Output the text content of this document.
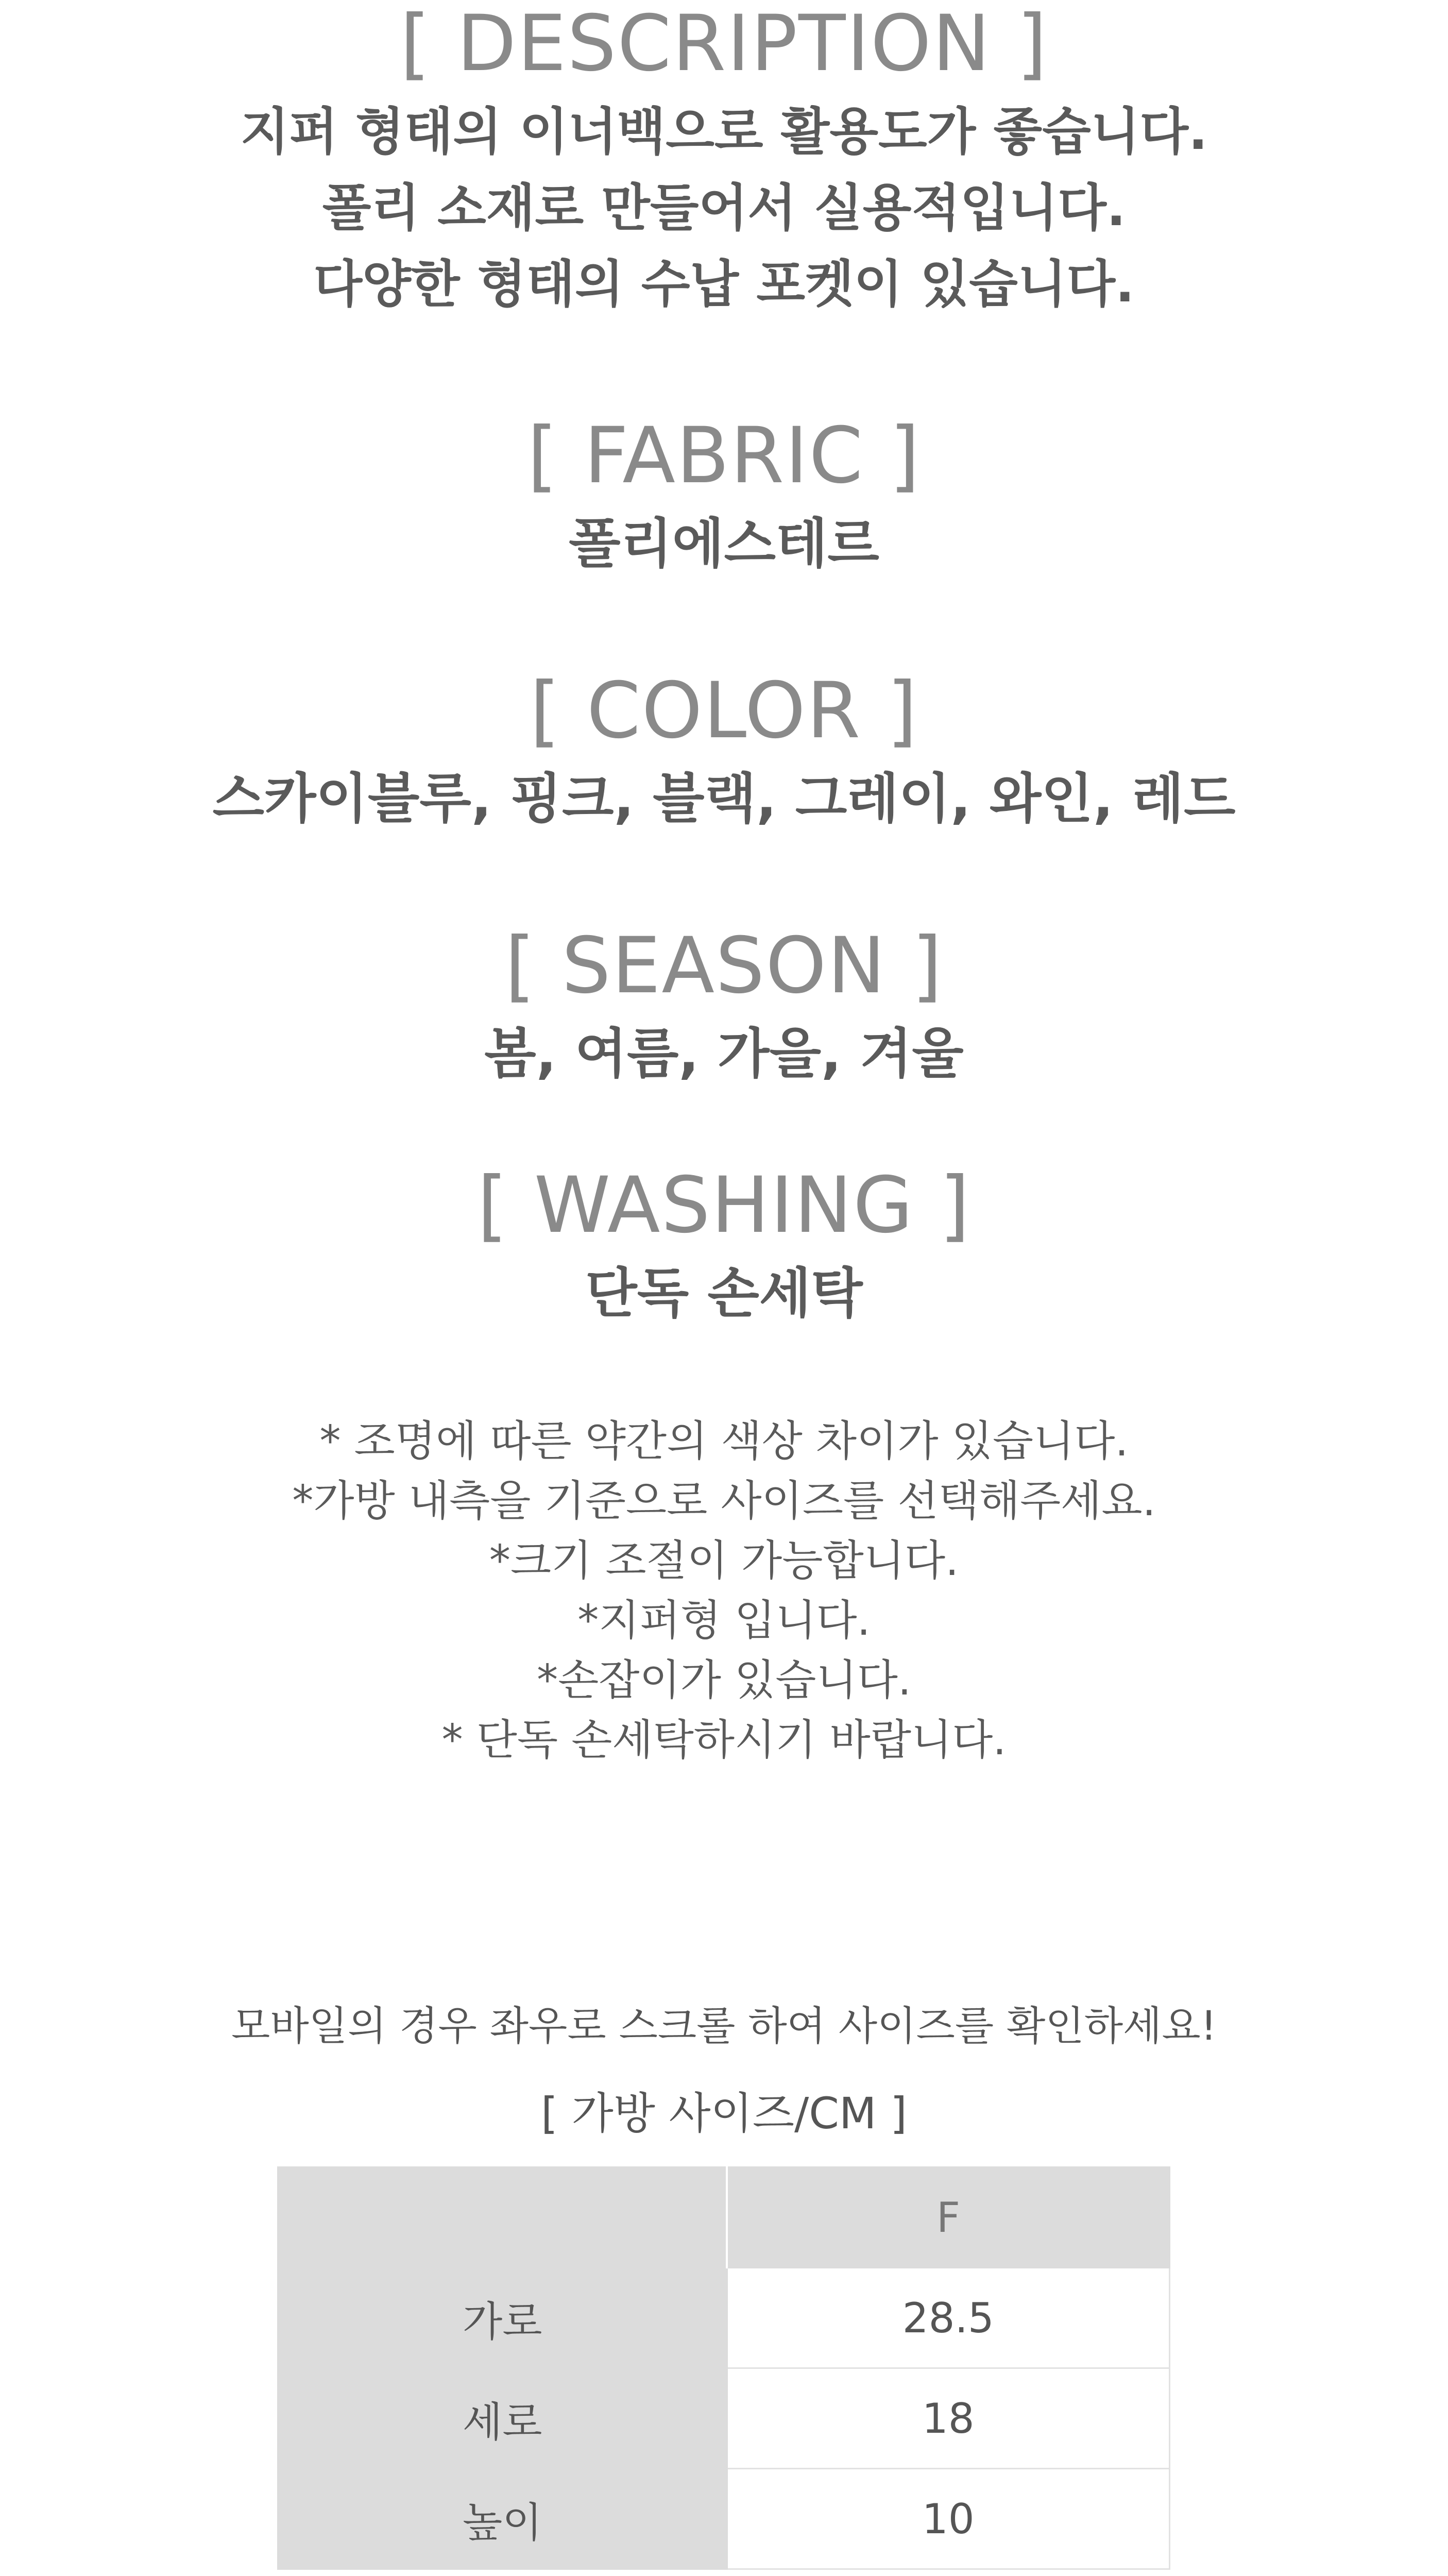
[ DESCRIPTION ]

지퍼 형태의 이너백으로 활용도가 좋습니다.

폴리 소재로 만들어서 실용적입니다.

다양한 형태의 수납 포켓이 있습니다.

[ FABRIC ]

폴리에스테르

[ COLOR ]

스카이블루, 핑크, 블랙, 그레이, 와인, 레드

[ SEASON ]

봄, 여름, 가을, 겨울

[ WASHING ]

단독 손세탁

* 조명에 따른 약간의 색상 차이가 있습니다.

*가방 내측을 기준으로 사이즈를 선택해주세요.

*크기 조절이 가능합니다.

*지퍼형 입니다.

*손잡이가 있습니다.

* 단독 손세탁하시기 바랍니다.

모바일의 경우 좌우로 스크롤 하여 사이즈를 확인하세요!
[ 가방 사이즈/CM ]
	F
가로	28.5
세로	18
높이	10
